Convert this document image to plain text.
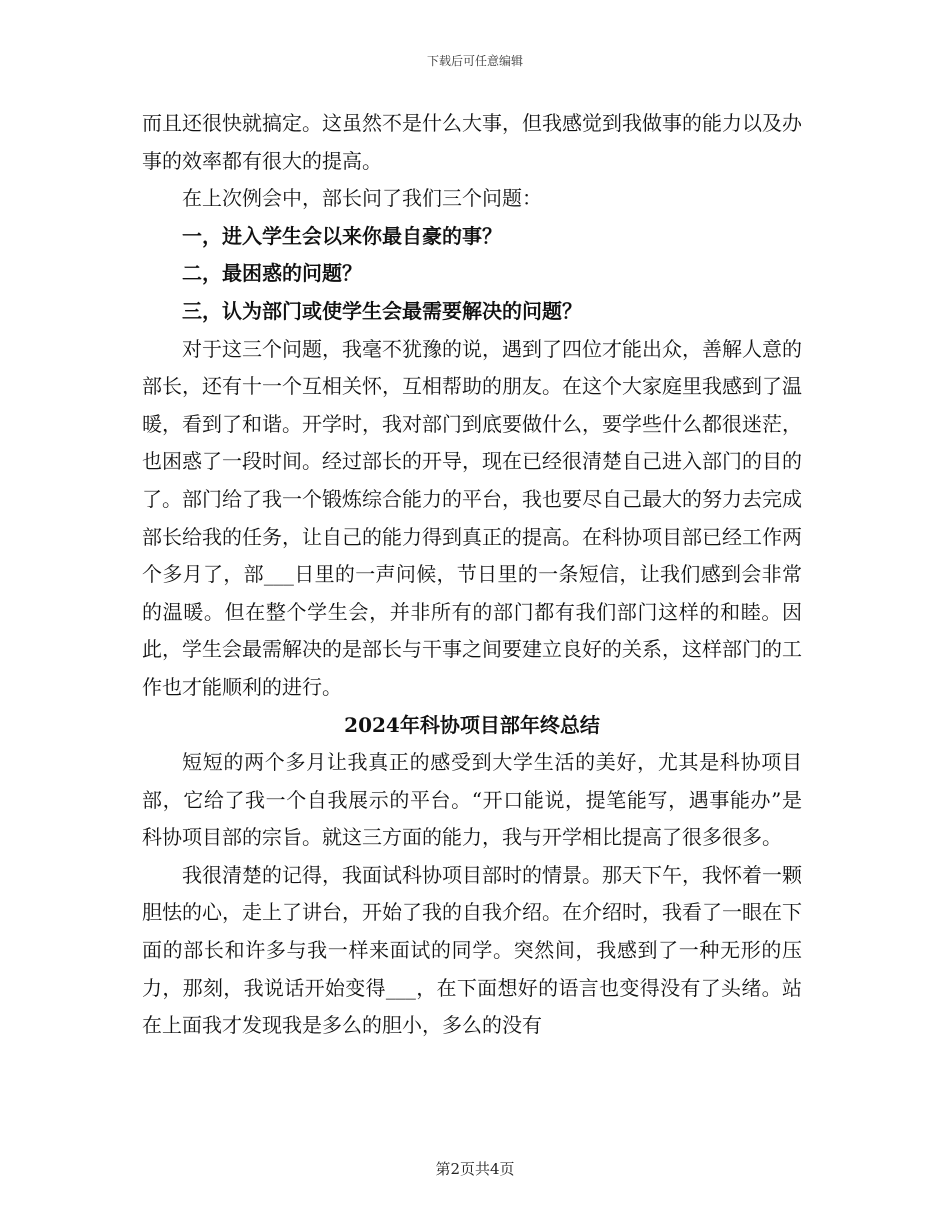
下载后可任意编辑

而且还很快就搞定。这虽然不是什么大事，但我感觉到我做事的能力以及办事的效率都有很大的提高。

在上次例会中，部长问了我们三个问题：

一，进入学生会以来你最自豪的事？

二，最困惑的问题？

三，认为部门或使学生会最需要解决的问题？

对于这三个问题，我毫不犹豫的说，遇到了四位才能出众，善解人意的部长，还有十一个互相关怀，互相帮助的朋友。在这个大家庭里我感到了温暖，看到了和谐。开学时，我对部门到底要做什么，要学些什么都很迷茫，也困惑了一段时间。经过部长的开导，现在已经很清楚自己进入部门的目的了。部门给了我一个锻炼综合能力的平台，我也要尽自己最大的努力去完成部长给我的任务，让自己的能力得到真正的提高。在科协项目部已经工作两个多月了，部___日里的一声问候，节日里的一条短信，让我们感到会非常的温暖。但在整个学生会，并非所有的部门都有我们部门这样的和睦。因此，学生会最需解决的是部长与干事之间要建立良好的关系，这样部门的工作也才能顺利的进行。

2024年科协项目部年终总结

短短的两个多月让我真正的感受到大学生活的美好，尤其是科协项目部，它给了我一个自我展示的平台。“开口能说，提笔能写，遇事能办”是科协项目部的宗旨。就这三方面的能力，我与开学相比提高了很多很多。

我很清楚的记得，我面试科协项目部时的情景。那天下午，我怀着一颗胆怯的心，走上了讲台，开始了我的自我介绍。在介绍时，我看了一眼在下面的部长和许多与我一样来面试的同学。突然间，我感到了一种无形的压力，那刻，我说话开始变得___，在下面想好的语言也变得没有了头绪。站在上面我才发现我是多么的胆小，多么的没有

第2页共4页
